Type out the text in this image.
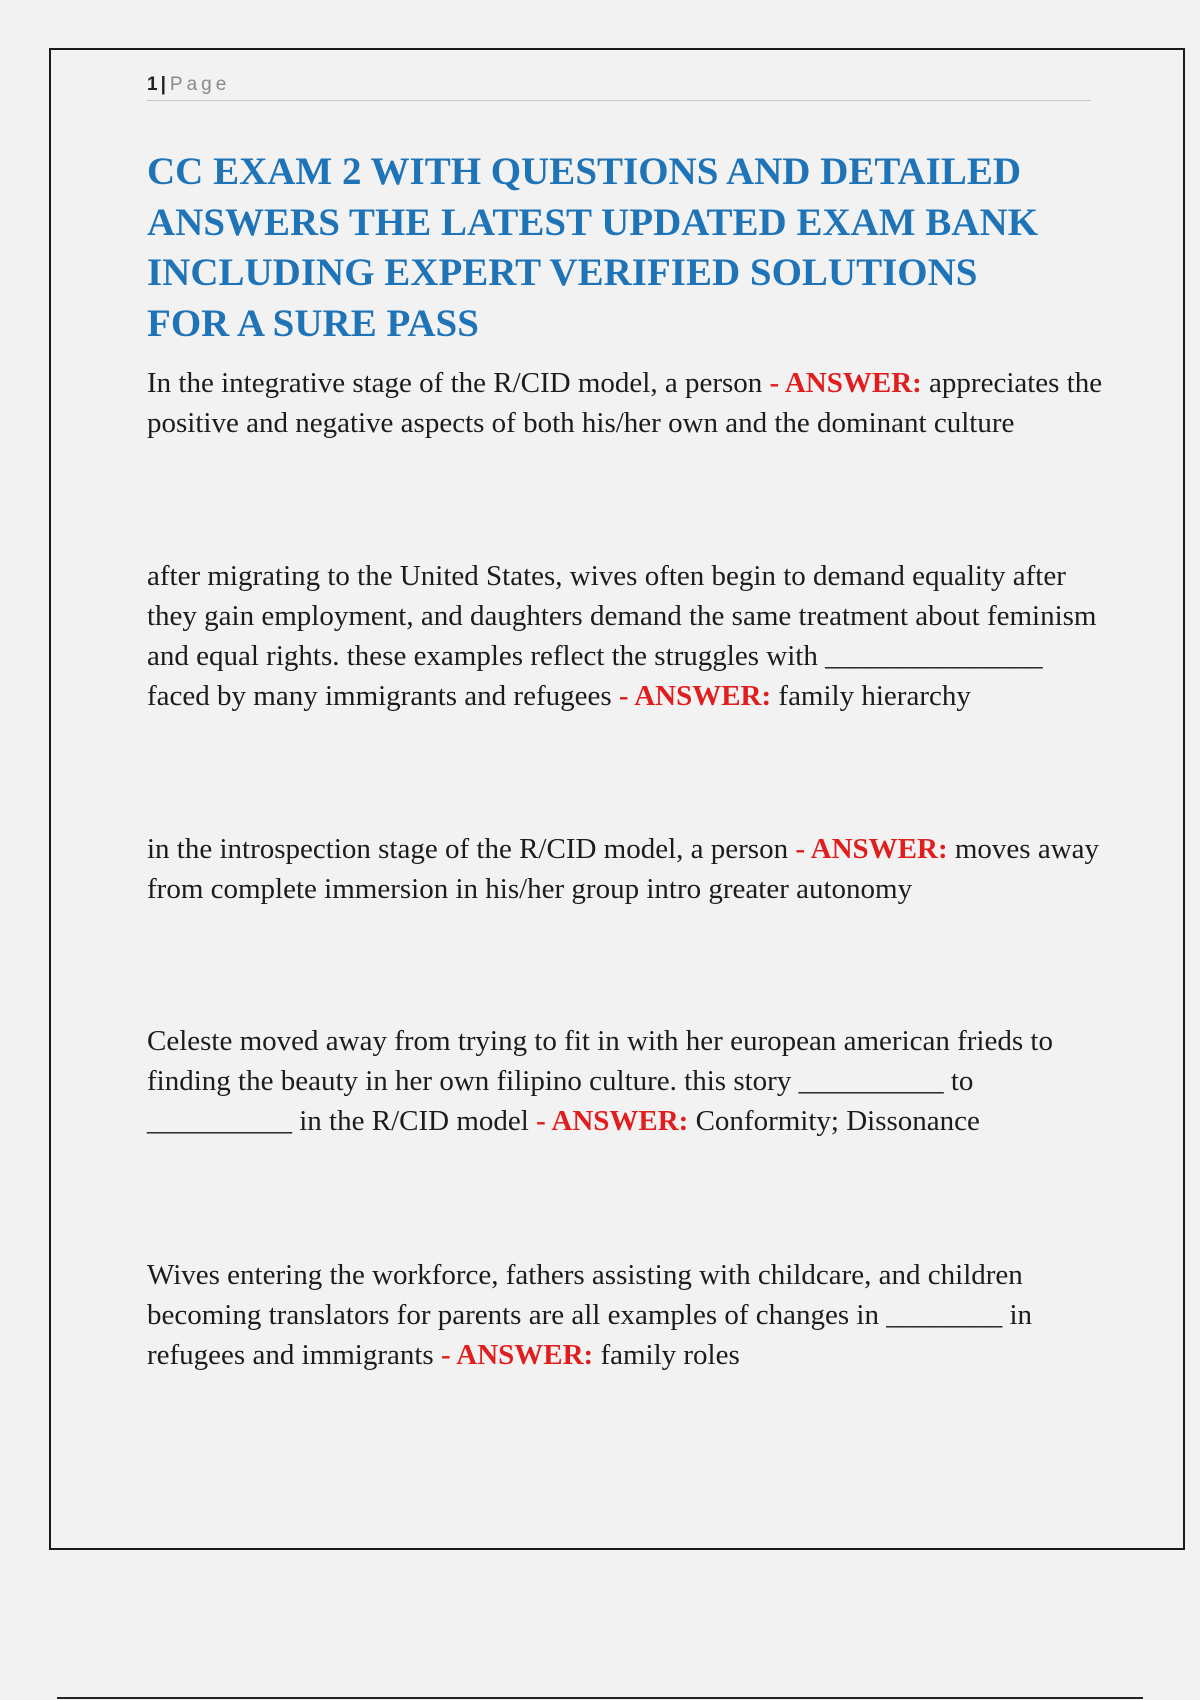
1 | Page
CC EXAM 2 WITH QUESTIONS AND DETAILED
ANSWERS THE LATEST UPDATED EXAM BANK
INCLUDING EXPERT VERIFIED SOLUTIONS
FOR A SURE PASS

In the integrative stage of the R/CID model, a person - ANSWER: appreciates the positive and negative aspects of both his/her own and the dominant culture

after migrating to the United States, wives often begin to demand equality after they gain employment, and daughters demand the same treatment about feminism and equal rights. these examples reflect the struggles with _______________ faced by many immigrants and refugees - ANSWER: family hierarchy

in the introspection stage of the R/CID model, a person - ANSWER: moves away from complete immersion in his/her group intro greater autonomy

Celeste moved away from trying to fit in with her european american frieds to finding the beauty in her own filipino culture. this story __________ to __________ in the R/CID model - ANSWER: Conformity; Dissonance

Wives entering the workforce, fathers assisting with childcare, and children becoming translators for parents are all examples of changes in ________ in refugees and immigrants - ANSWER: family roles
